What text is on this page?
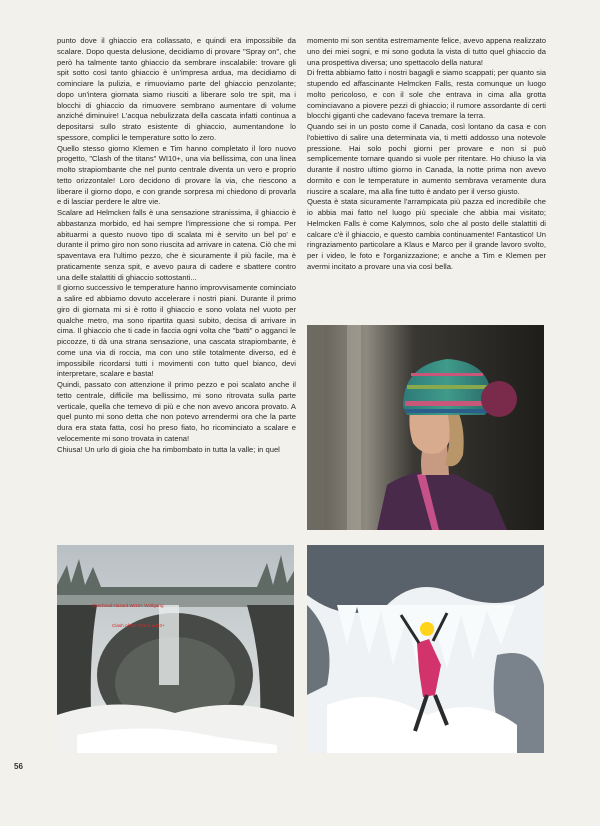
punto dove il ghiaccio era collassato, e quindi era impossibile da scalare. Dopo questa delusione, decidiamo di provare "Spray on", che però ha talmente tanto ghiaccio da sembrare inscalabile: trovare gli spit sotto così tanto ghiaccio è un'impresa ardua, ma decidiamo di cominciare la pulizia, e rimuoviamo parte del ghiaccio penzolante; dopo un'intera giornata siamo riusciti a liberare solo tre spit, ma i blocchi di ghiaccio da rimuovere sembrano aumentare di volume anziché diminuire! L'acqua nebulizzata della cascata infatti continua a depositarsi sullo strato esistente di ghiaccio, aumentandone lo spessore, complici le temperature sotto lo zero.

Quello stesso giorno Klemen e Tim hanno completato il loro nuovo progetto, "Clash of the titans" WI10+, una via bellissima, con una linea molto strapiombante che nel punto centrale diventa un vero e proprio tetto orizzontale! Loro decidono di provare la via, che riescono a liberare il giorno dopo, e con grande sorpresa mi chiedono di provarla e di lasciar perdere le altre vie.

Scalare ad Helmcken falls è una sensazione stranissima, il ghiaccio è abbastanza morbido, ed hai sempre l'impressione che si rompa. Per abituarmi a questo nuovo tipo di scalata mi è servito un bel po' e durante il primo giro non sono riuscita ad arrivare in catena. Ciò che mi spaventava era l'ultimo pezzo, che è sicuramente il più facile, ma è praticamente senza spit, e avevo paura di cadere e sbattere contro una delle stalattiti di ghiaccio sottostanti...

Il giorno successivo le temperature hanno improvvisamente cominciato a salire ed abbiamo dovuto accelerare i nostri piani. Durante il primo giro di giornata mi si è rotto il ghiaccio e sono volata nel vuoto per qualche metro, ma sono ripartita quasi subito, decisa di arrivare in cima. Il ghiaccio che ti cade in faccia ogni volta che "batti" o agganci le piccozze, ti dà una strana sensazione, una cascata strapiombante, è come una via di roccia, ma con uno stile totalmente diverso, ed è impossibile ricordarsi tutti i movimenti con tutto quel bianco, devi interpretare, scalare e basta!

Quindi, passato con attenzione il primo pezzo e poi scalato anche il tetto centrale, difficile ma bellissimo, mi sono ritrovata sulla parte verticale, quella che temevo di più e che non avevo ancora provato. A quel punto mi sono detta che non potevo arrendermi ora che la parte dura era stata fatta, così ho preso fiato, ho ricominciato a scalare e velocemente mi sono trovata in catena!

Chiusa! Un urlo di gioia che ha rimbombato in tutta la valle; in quel

momento mi son sentita estremamente felice, avevo appena realizzato uno dei miei sogni, e mi sono goduta la vista di tutto quel ghiaccio da una prospettiva diversa; uno spettacolo della natura!

Di fretta abbiamo fatto i nostri bagagli e siamo scappati; per quanto sia stupendo ed affascinante Helmcken Falls, resta comunque un luogo molto pericoloso, e con il sole che entrava in cima alla grotta cominciavano a piovere pezzi di ghiaccio; il rumore assordante di certi blocchi giganti che cadevano faceva tremare la terra.

Quando sei in un posto come il Canada, così lontano da casa e con l'obiettivo di salire una determinata via, ti metti addosso una notevole pressione. Hai solo pochi giorni per provare e non si può semplicemente tornare quando si vuole per ritentare. Ho chiuso la via durante il nostro ultimo giorno in Canada, la notte prima non avevo dormito e con le temperature in aumento sembrava veramente dura riuscire a scalare, ma alla fine tutto è andato per il verso giusto.

Questa è stata sicuramente l'arrampicata più pazza ed incredibile che io abbia mai fatto nel luogo più speciale che abbia mai visitato; Helmcken Falls è come Kalymnos, solo che al posto delle stalattiti di calcare c'è il ghiaccio, e questo cambia continuamente! Fantastico! Un ringraziamento particolare a Klaus e Marco per il grande lavoro svolto, per i video, le foto e l'organizzazione; e anche a Tim e Klemen per avermi incitato a provare una via così bella.

Overhead Hazard WI10+ Wolfgang
Clash of the Titans WI10+
56
